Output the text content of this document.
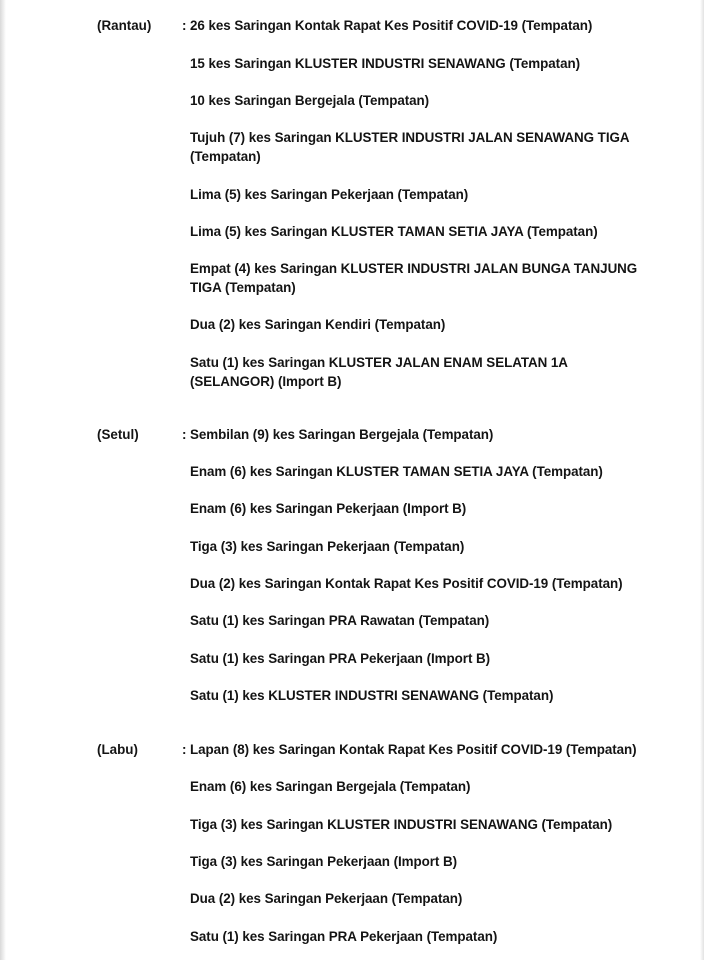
(Rantau) : 26 kes Saringan Kontak Rapat Kes Positif COVID-19 (Tempatan)
15 kes Saringan KLUSTER INDUSTRI SENAWANG (Tempatan)
10 kes Saringan Bergejala (Tempatan)
Tujuh (7) kes Saringan KLUSTER INDUSTRI JALAN SENAWANG TIGA (Tempatan)
Lima (5) kes Saringan Pekerjaan (Tempatan)
Lima (5) kes Saringan KLUSTER TAMAN SETIA JAYA (Tempatan)
Empat (4) kes Saringan KLUSTER INDUSTRI JALAN BUNGA TANJUNG TIGA (Tempatan)
Dua (2) kes Saringan Kendiri (Tempatan)
Satu (1) kes Saringan KLUSTER JALAN ENAM SELATAN 1A (SELANGOR) (Import B)
(Setul)	: Sembilan (9) kes Saringan Bergejala (Tempatan)
Enam (6) kes Saringan KLUSTER TAMAN SETIA JAYA (Tempatan)
Enam (6) kes Saringan Pekerjaan (Import B)
Tiga (3) kes Saringan Pekerjaan (Tempatan)
Dua (2) kes Saringan Kontak Rapat Kes Positif COVID-19 (Tempatan)
Satu (1) kes Saringan PRA Rawatan (Tempatan)
Satu (1) kes Saringan PRA Pekerjaan (Import B)
Satu (1) kes KLUSTER INDUSTRI SENAWANG (Tempatan)
(Labu)	: Lapan (8) kes Saringan Kontak Rapat Kes Positif COVID-19 (Tempatan)
Enam (6) kes Saringan Bergejala (Tempatan)
Tiga (3) kes Saringan KLUSTER INDUSTRI SENAWANG (Tempatan)
Tiga (3) kes Saringan Pekerjaan (Import B)
Dua (2) kes Saringan Pekerjaan (Tempatan)
Satu (1) kes Saringan PRA Pekerjaan (Tempatan)
